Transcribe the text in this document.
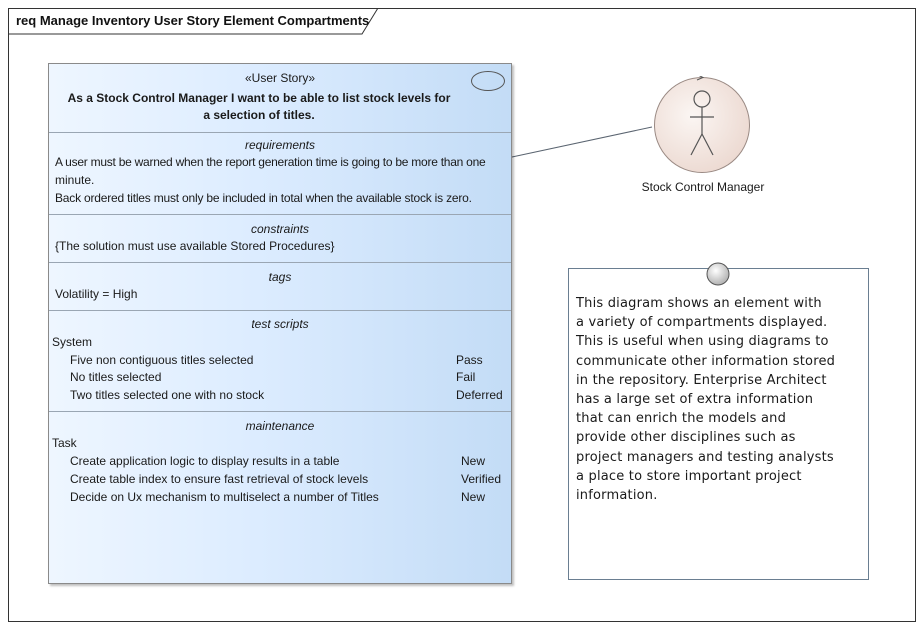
req Manage Inventory User Story Element Compartments
«User Story»
As a Stock Control Manager I want to be able to list stock levels for
a selection of titles.
requirements
A user must be warned when the report generation time is going to be more than one
minute.
Back ordered titles must only be included in total when the available stock is zero.
constraints
{The solution must use available Stored Procedures}
tags
Volatility = High
test scripts
System
Five non contiguous titles selected	Pass
No titles selected	Fail
Two titles selected one with no stock	Deferred
maintenance
Task
Create application logic to display results in a table	New
Create table index to ensure fast retrieval of stock levels	Verified
Decide on Ux mechanism to multiselect a number of Titles	New
Stock Control Manager
This diagram shows an element with
a variety of compartments displayed.
This is useful when using diagrams to
communicate other information stored
in the repository. Enterprise Architect
has a large set of extra information
that can enrich the models and
provide other disciplines such as
project managers and testing analysts
a place to store important project
information.
